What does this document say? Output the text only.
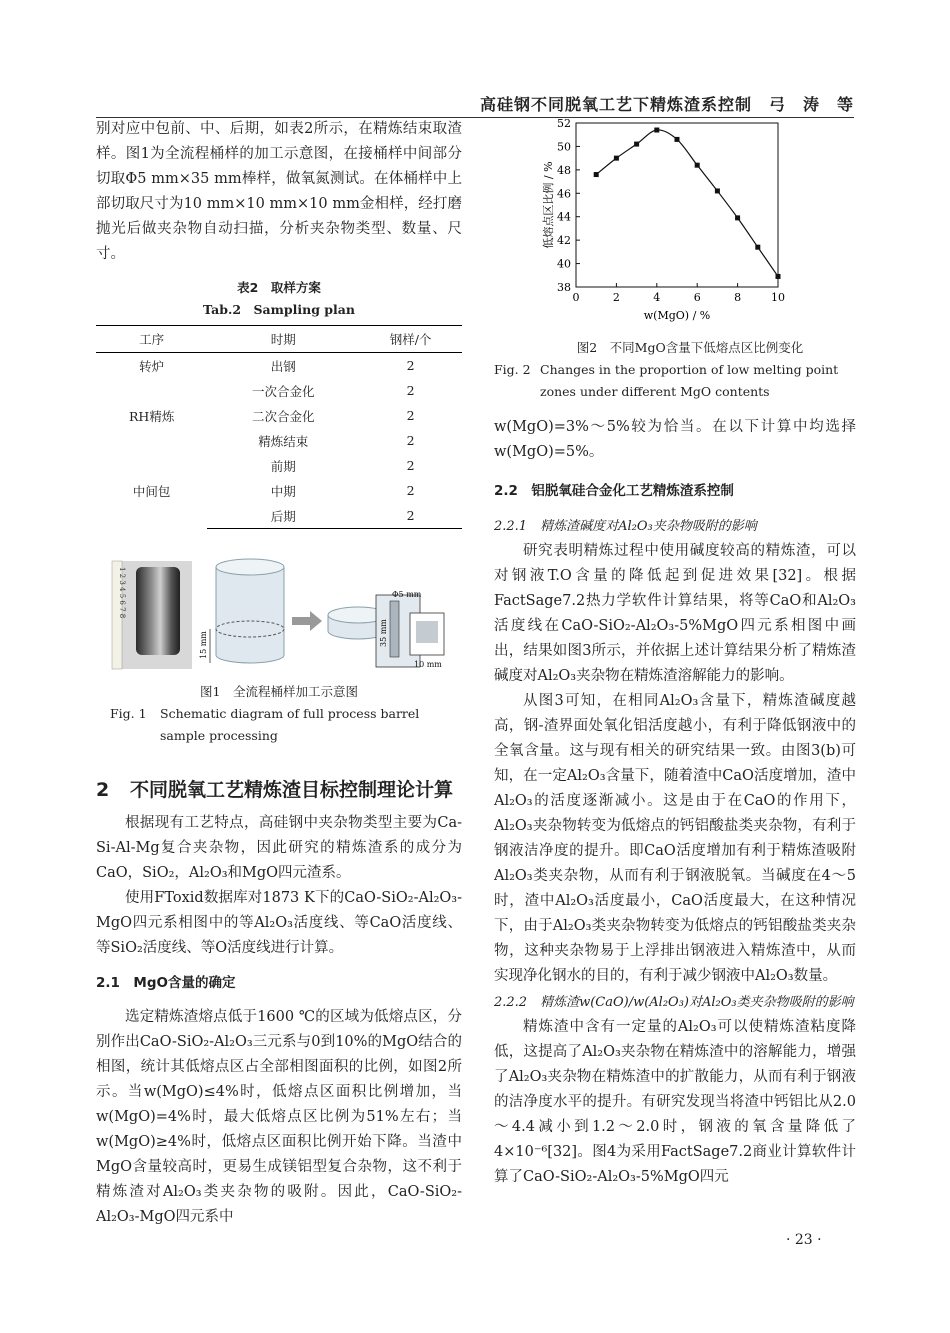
高硅钢不同脱氧工艺下精炼渣系控制　弓　涛　等

别对应中包前、中、后期，如表2所示，在精炼结束取渣样。图1为全流程桶样的加工示意图，在接桶样中间部分切取Φ5 mm×35 mm棒样，做氧氮测试。在体桶样中上部切取尺寸为10 mm×10 mm×10 mm金相样，经打磨抛光后做夹杂物自动扫描，分析夹杂物类型、数量、尺寸。

表2　取样方案
Tab.2　Sampling plan
工序	时期	钢样/个
转炉	出钢	2
RH精炼	一次合金化	2
	二次合金化	2
	精炼结束	2
中间包	前期	2
	中期	2
	后期	2
1 2 3 4 5 6 7 8
15 mm
Φ5 mm
35 mm
10 mm
图1　全流程桶样加工示意图
Fig. 1	Schematic diagram of full process barrel sample processing
2	不同脱氧工艺精炼渣目标控制理论计算

根据现有工艺特点，高硅钢中夹杂物类型主要为Ca-Si-Al-Mg复合夹杂物，因此研究的精炼渣系的成分为CaO，SiO₂，Al₂O₃和MgO四元渣系。

使用FToxid数据库对1873 K下的CaO-SiO₂-Al₂O₃-MgO四元系相图中的等Al₂O₃活度线、等CaO活度线、等SiO₂活度线、等O活度线进行计算。

2.1　MgO含量的确定

选定精炼渣熔点低于1600 ℃的区域为低熔点区，分别作出CaO-SiO₂-Al₂O₃三元系与0到10%的MgO结合的相图，统计其低熔点区占全部相图面积的比例，如图2所示。当w(MgO)≤4%时，低熔点区面积比例增加，当w(MgO)=4%时，最大低熔点区比例为51%左右；当w(MgO)≥4%时，低熔点区面积比例开始下降。当渣中MgO含量较高时，更易生成镁铝型复合杂物，这不利于精炼渣对Al₂O₃类夹杂物的吸附。因此，CaO-SiO₂-Al₂O₃-MgO四元系中

0	2	4	6	8	10
38
40
42
44
46
48
50
52
w(MgO) / %
低熔点区比例 / %
图2　不同MgO含量下低熔点区比例变化
Fig. 2 Changes in the proportion of low melting point zones under different MgO contents

w(MgO)=3%～5%较为恰当。在以下计算中均选择w(MgO)=5%。

2.2　铝脱氧硅合金化工艺精炼渣系控制

2.2.1　精炼渣碱度对Al₂O₃夹杂物吸附的影响

研究表明精炼过程中使用碱度较高的精炼渣，可以对钢液T.O含量的降低起到促进效果[32]。根据FactSage7.2热力学软件计算结果，将等CaO和Al₂O₃活度线在CaO-SiO₂-Al₂O₃-5%MgO四元系相图中画出，结果如图3所示，并依据上述计算结果分析了精炼渣碱度对Al₂O₃夹杂物在精炼渣溶解能力的影响。

从图3可知，在相同Al₂O₃含量下，精炼渣碱度越高，钢-渣界面处氧化铝活度越小，有利于降低钢液中的全氧含量。这与现有相关的研究结果一致。由图3(b)可知，在一定Al₂O₃含量下，随着渣中CaO活度增加，渣中Al₂O₃的活度逐渐减小。这是由于在CaO的作用下，Al₂O₃夹杂物转变为低熔点的钙铝酸盐类夹杂物，有利于钢液洁净度的提升。即CaO活度增加有利于精炼渣吸附Al₂O₃类夹杂物，从而有利于钢液脱氧。当碱度在4～5时，渣中Al₂O₃活度最小，CaO活度最大，在这种情况下，由于Al₂O₃类夹杂物转变为低熔点的钙铝酸盐类夹杂物，这种夹杂物易于上浮排出钢液进入精炼渣中，从而实现净化钢水的目的，有利于减少钢液中Al₂O₃数量。

2.2.2　精炼渣w(CaO)/w(Al₂O₃)对Al₂O₃类夹杂物吸附的影响

精炼渣中含有一定量的Al₂O₃可以使精炼渣粘度降低，这提高了Al₂O₃夹杂物在精炼渣中的溶解能力，增强了Al₂O₃夹杂物在精炼渣中的扩散能力，从而有利于钢液的洁净度水平的提升。有研究发现当将渣中钙铝比从2.0～4.4减小到1.2～2.0时，钢液的氧含量降低了4×10⁻⁶[32]。图4为采用FactSage7.2商业计算软件计算了CaO-SiO₂-Al₂O₃-5%MgO四元

· 23 ·
